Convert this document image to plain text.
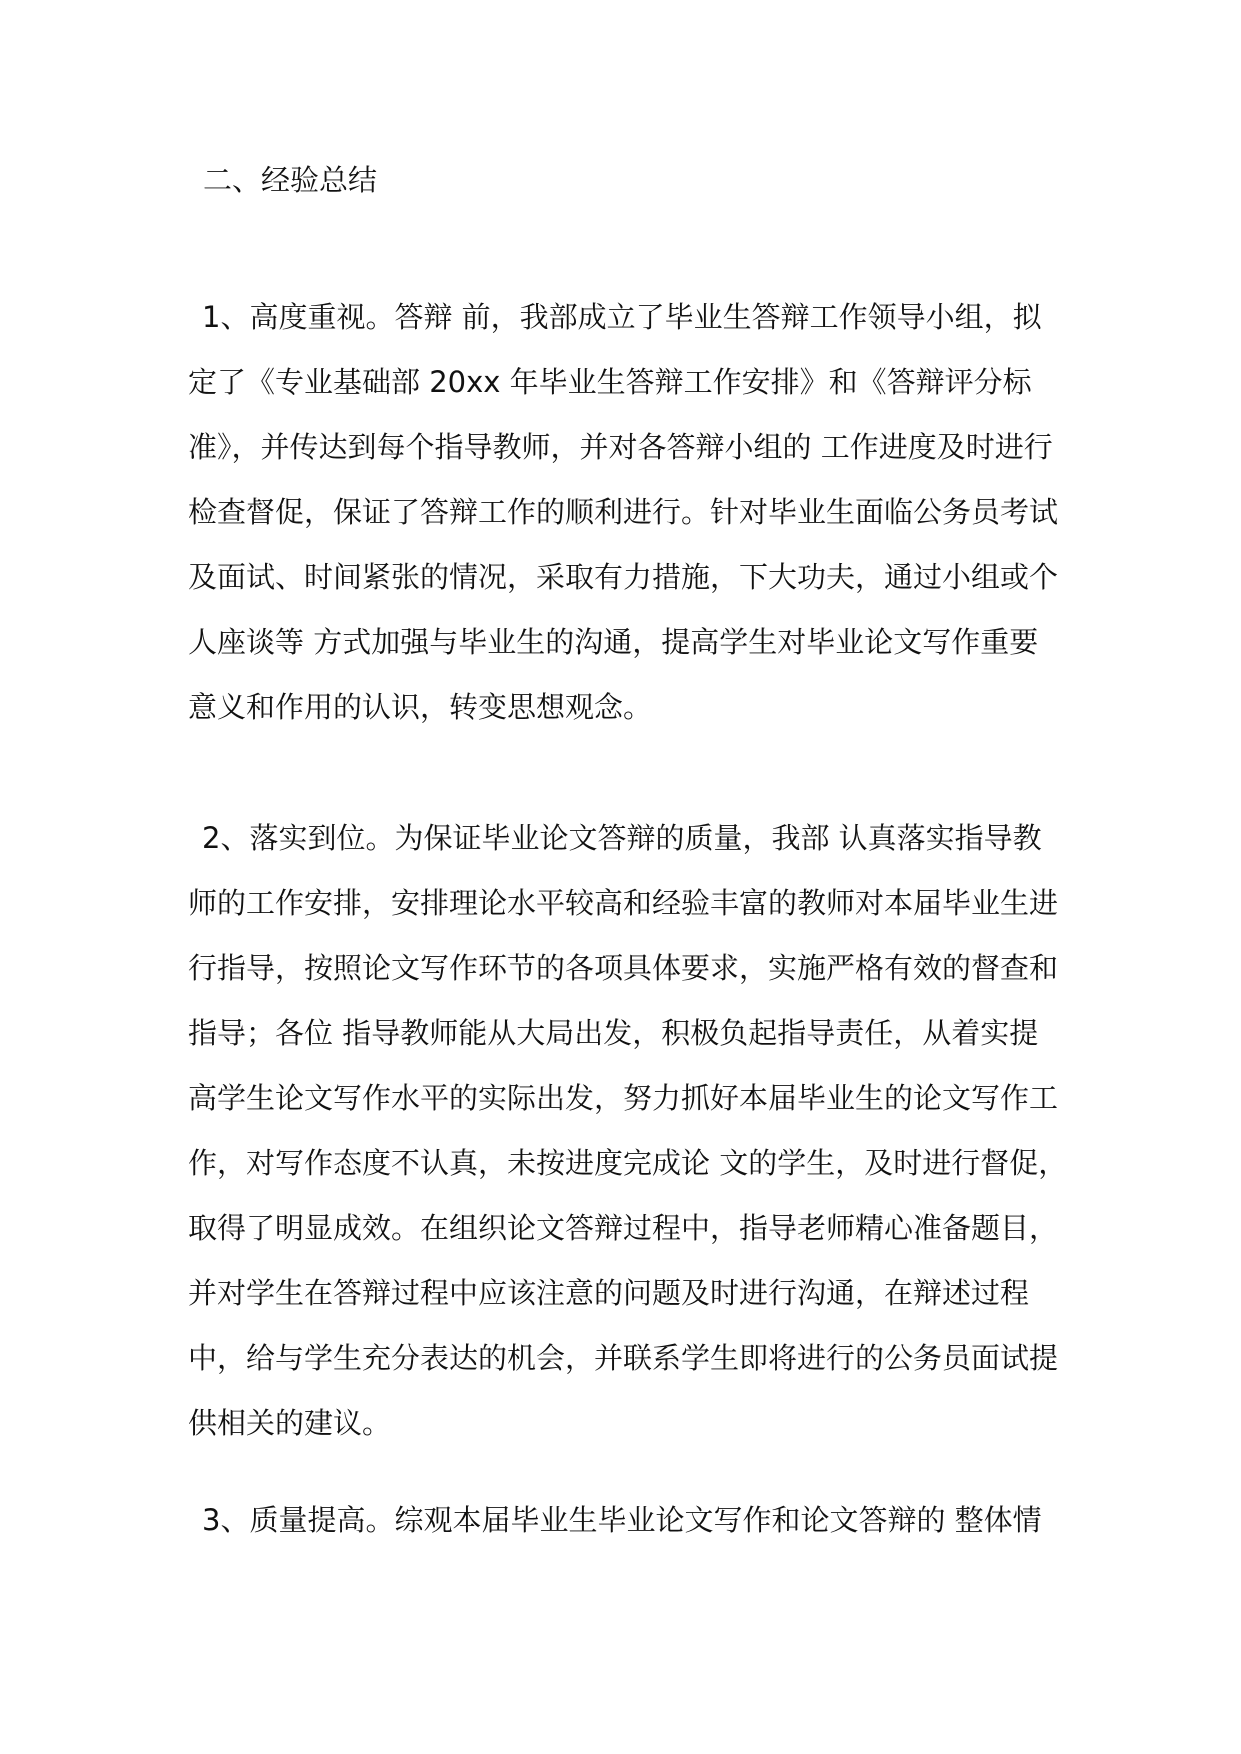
二、经验总结
1、高度重视。答辩 前，我部成立了毕业生答辩工作领导小组，拟
定了《专业基础部 20xx 年毕业生答辩工作安排》和《答辩评分标
准》，并传达到每个指导教师，并对各答辩小组的 工作进度及时进行
检查督促，保证了答辩工作的顺利进行。针对毕业生面临公务员考试
及面试、时间紧张的情况，采取有力措施，下大功夫，通过小组或个
人座谈等 方式加强与毕业生的沟通，提高学生对毕业论文写作重要
意义和作用的认识，转变思想观念。
2、落实到位。为保证毕业论文答辩的质量，我部 认真落实指导教
师的工作安排，安排理论水平较高和经验丰富的教师对本届毕业生进
行指导，按照论文写作环节的各项具体要求，实施严格有效的督查和
指导；各位 指导教师能从大局出发，积极负起指导责任，从着实提
高学生论文写作水平的实际出发，努力抓好本届毕业生的论文写作工
作，对写作态度不认真，未按进度完成论 文的学生，及时进行督促，
取得了明显成效。在组织论文答辩过程中，指导老师精心准备题目，
并对学生在答辩过程中应该注意的问题及时进行沟通，在辩述过程
中，给与学生充分表达的机会，并联系学生即将进行的公务员面试提
供相关的建议。
3、质量提高。综观本届毕业生毕业论文写作和论文答辩的 整体情
